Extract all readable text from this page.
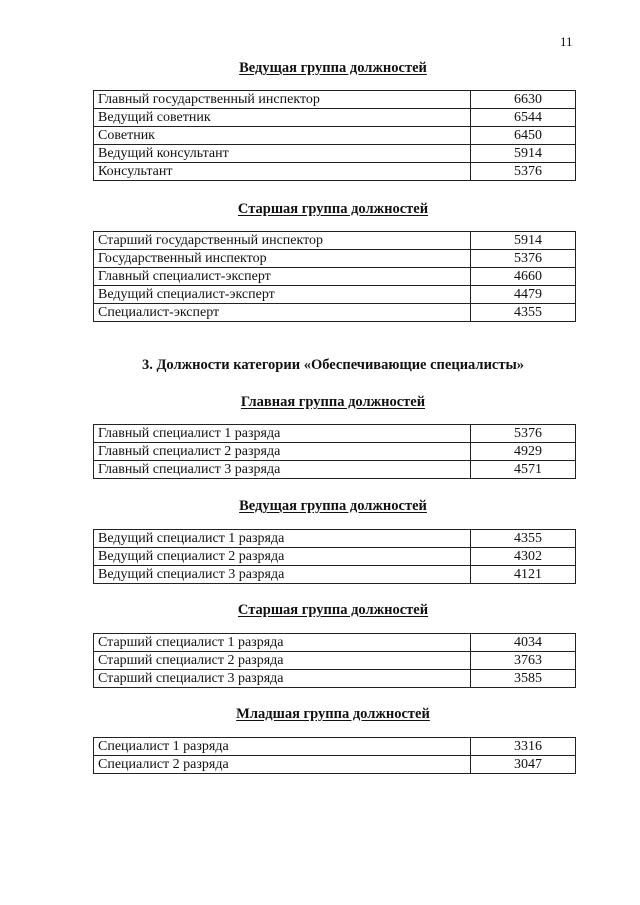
11
Ведущая группа должностей
Главный государственный инспектор	6630
Ведущий советник	6544
Советник	6450
Ведущий консультант	5914
Консультант	5376
Старшая группа должностей
Старший государственный инспектор	5914
Государственный инспектор	5376
Главный специалист-эксперт	4660
Ведущий специалист-эксперт	4479
Специалист-эксперт	4355
3. Должности категории «Обеспечивающие специалисты»
Главная группа должностей
Главный специалист 1 разряда	5376
Главный специалист 2 разряда	4929
Главный специалист 3 разряда	4571
Ведущая группа должностей
Ведущий специалист 1 разряда	4355
Ведущий специалист 2 разряда	4302
Ведущий специалист 3 разряда	4121
Старшая группа должностей
Старший специалист 1 разряда	4034
Старший специалист 2 разряда	3763
Старший специалист 3 разряда	3585
Младшая группа должностей
Специалист 1 разряда	3316
Специалист 2 разряда	3047
